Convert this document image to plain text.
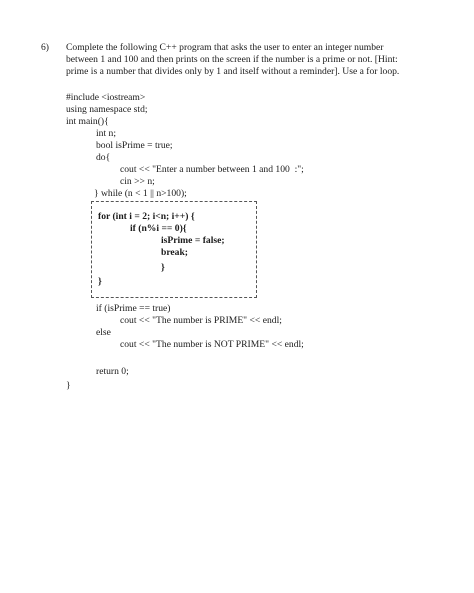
6) Complete the following C++ program that asks the user to enter an integer number
between 1 and 100 and then prints on the screen if the number is a prime or not. [Hint:
prime is a number that divides only by 1 and itself without a reminder]. Use a for loop.
#include <iostream>
using namespace std;
int main(){
int n;
bool isPrime = true;
do{
cout << "Enter a number between 1 and 100  :";
cin >> n;
} while (n < 1 || n>100);
for (int i = 2; i<n; i++) {
if (n%i == 0){
isPrime = false;
break;
}
}
if (isPrime == true)
cout << "The number is PRIME" << endl;
else
cout << "The number is NOT PRIME" << endl;
return 0;
}
